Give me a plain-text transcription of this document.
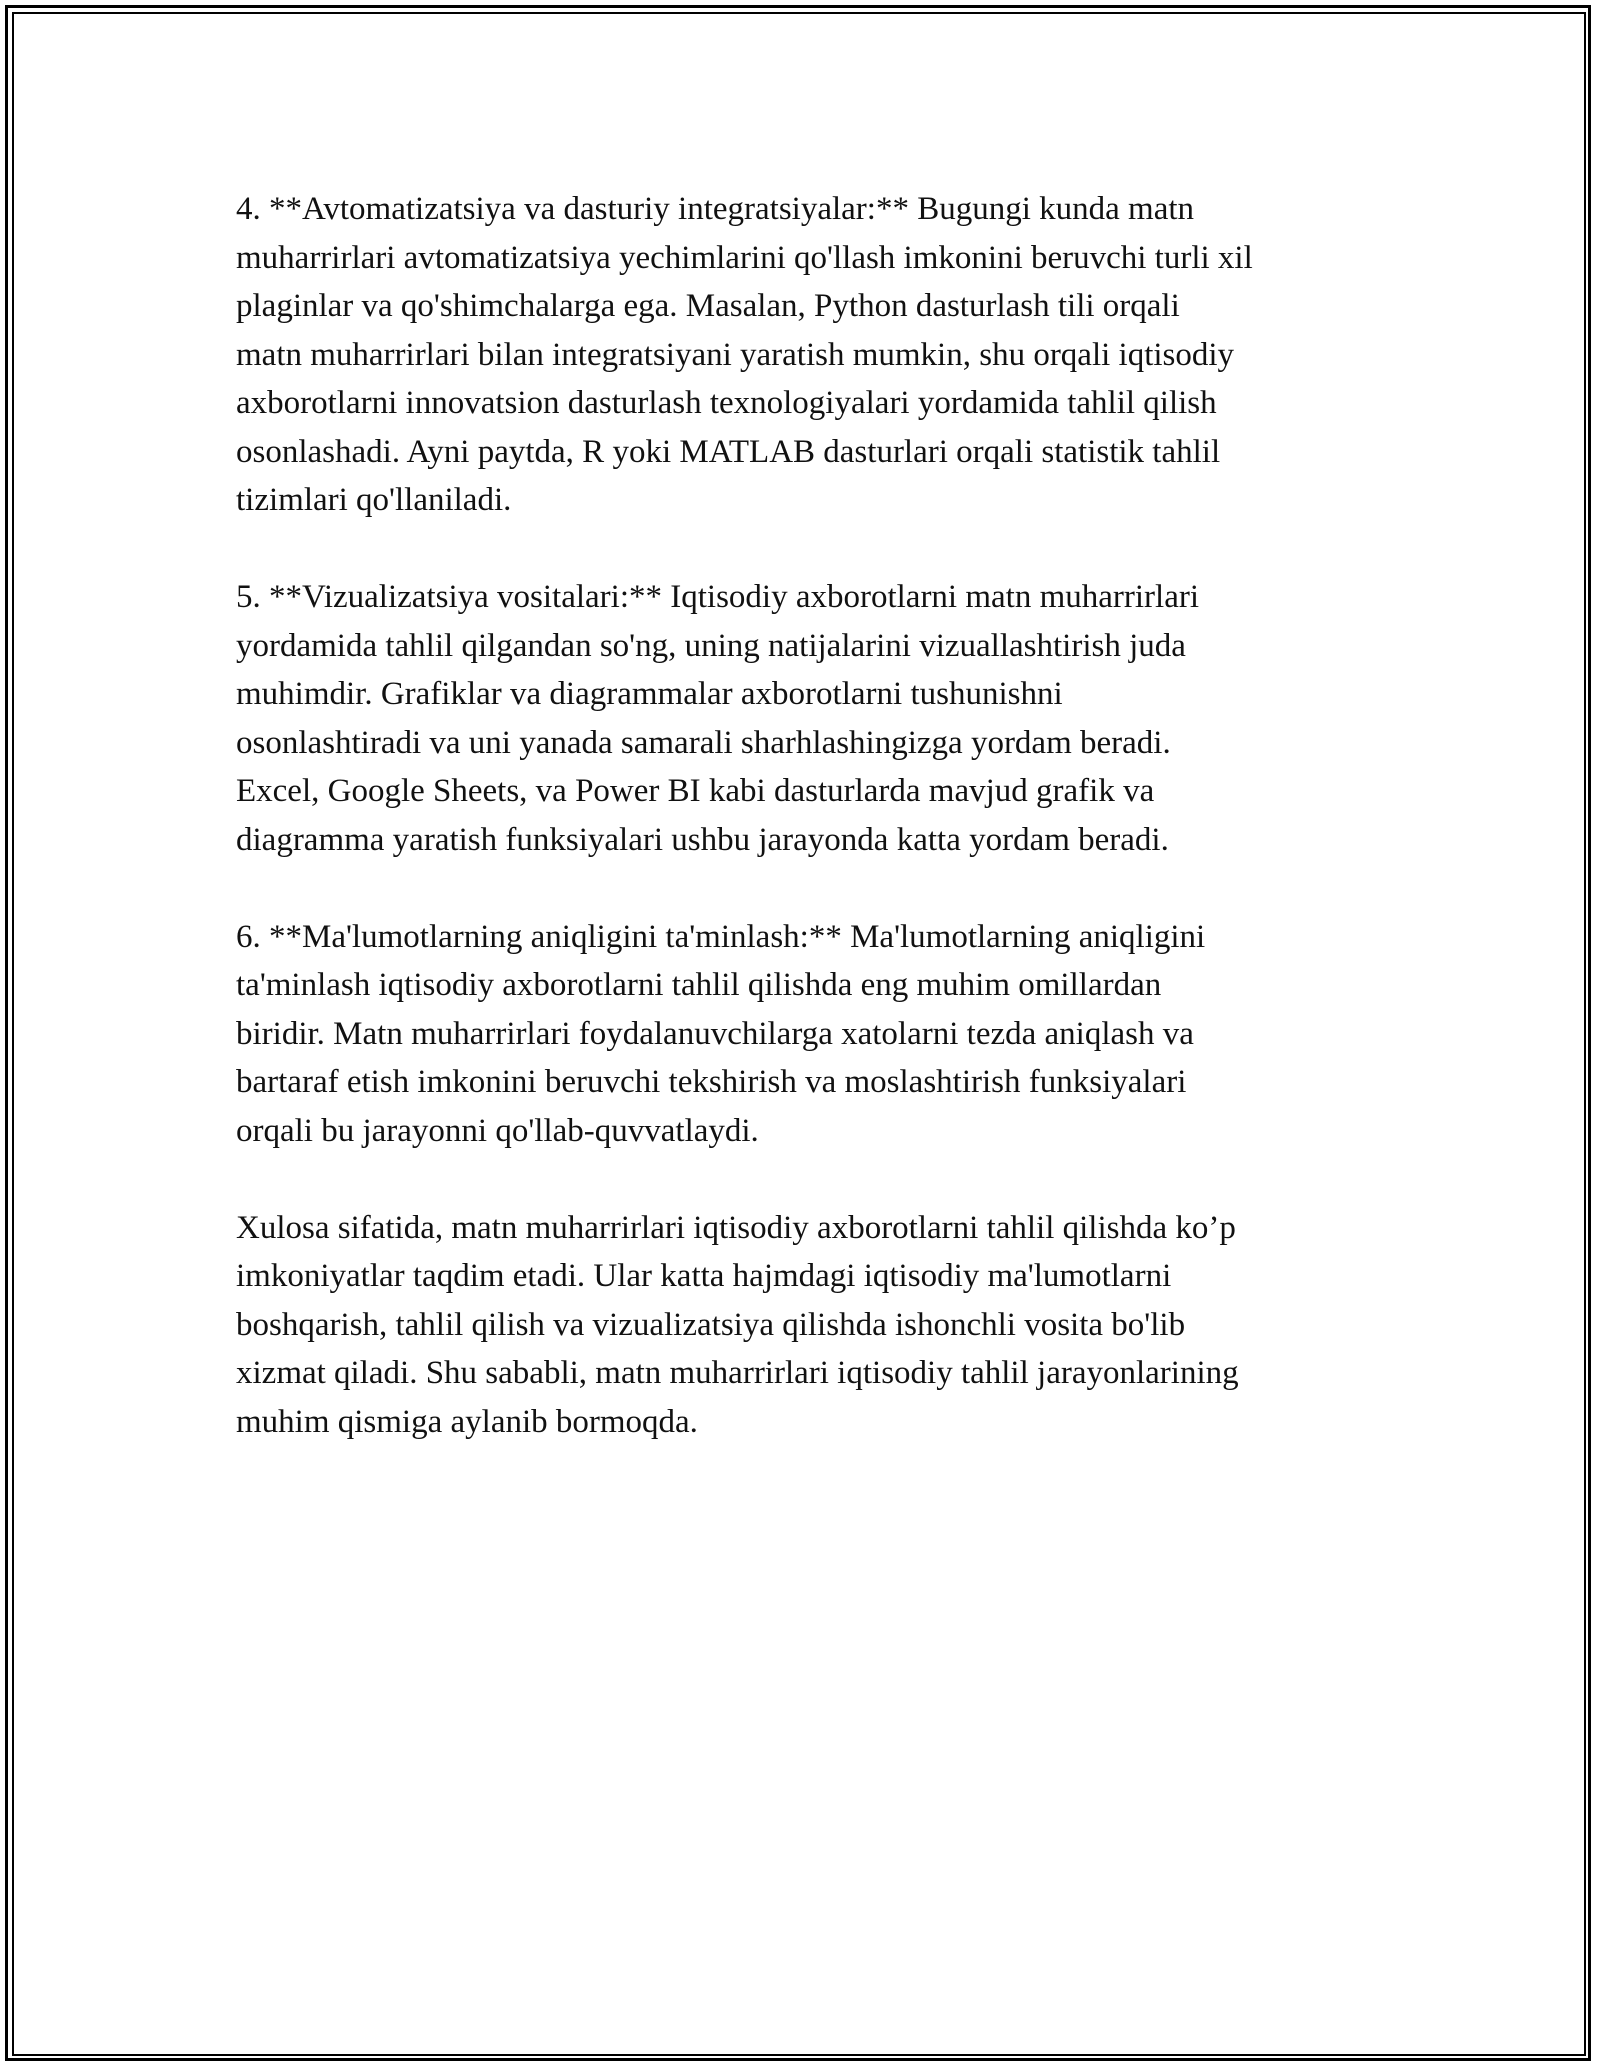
4. **Avtomatizatsiya va dasturiy integratsiyalar:** Bugungi kunda matn
muharrirlari avtomatizatsiya yechimlarini qo'llash imkonini beruvchi turli xil
plaginlar va qo'shimchalarga ega. Masalan, Python dasturlash tili orqali
matn muharrirlari bilan integratsiyani yaratish mumkin, shu orqali iqtisodiy
axborotlarni innovatsion dasturlash texnologiyalari yordamida tahlil qilish
osonlashadi. Ayni paytda, R yoki MATLAB dasturlari orqali statistik tahlil
tizimlari qo'llaniladi.
5. **Vizualizatsiya vositalari:** Iqtisodiy axborotlarni matn muharrirlari
yordamida tahlil qilgandan so'ng, uning natijalarini vizuallashtirish juda
muhimdir. Grafiklar va diagrammalar axborotlarni tushunishni
osonlashtiradi va uni yanada samarali sharhlashingizga yordam beradi.
Excel, Google Sheets, va Power BI kabi dasturlarda mavjud grafik va
diagramma yaratish funksiyalari ushbu jarayonda katta yordam beradi.
6. **Ma'lumotlarning aniqligini ta'minlash:** Ma'lumotlarning aniqligini
ta'minlash iqtisodiy axborotlarni tahlil qilishda eng muhim omillardan
biridir. Matn muharrirlari foydalanuvchilarga xatolarni tezda aniqlash va
bartaraf etish imkonini beruvchi tekshirish va moslashtirish funksiyalari
orqali bu jarayonni qo'llab-quvvatlaydi.
Xulosa sifatida, matn muharrirlari iqtisodiy axborotlarni tahlil qilishda ko’p
imkoniyatlar taqdim etadi. Ular katta hajmdagi iqtisodiy ma'lumotlarni
boshqarish, tahlil qilish va vizualizatsiya qilishda ishonchli vosita bo'lib
xizmat qiladi. Shu sababli, matn muharrirlari iqtisodiy tahlil jarayonlarining
muhim qismiga aylanib bormoqda.
